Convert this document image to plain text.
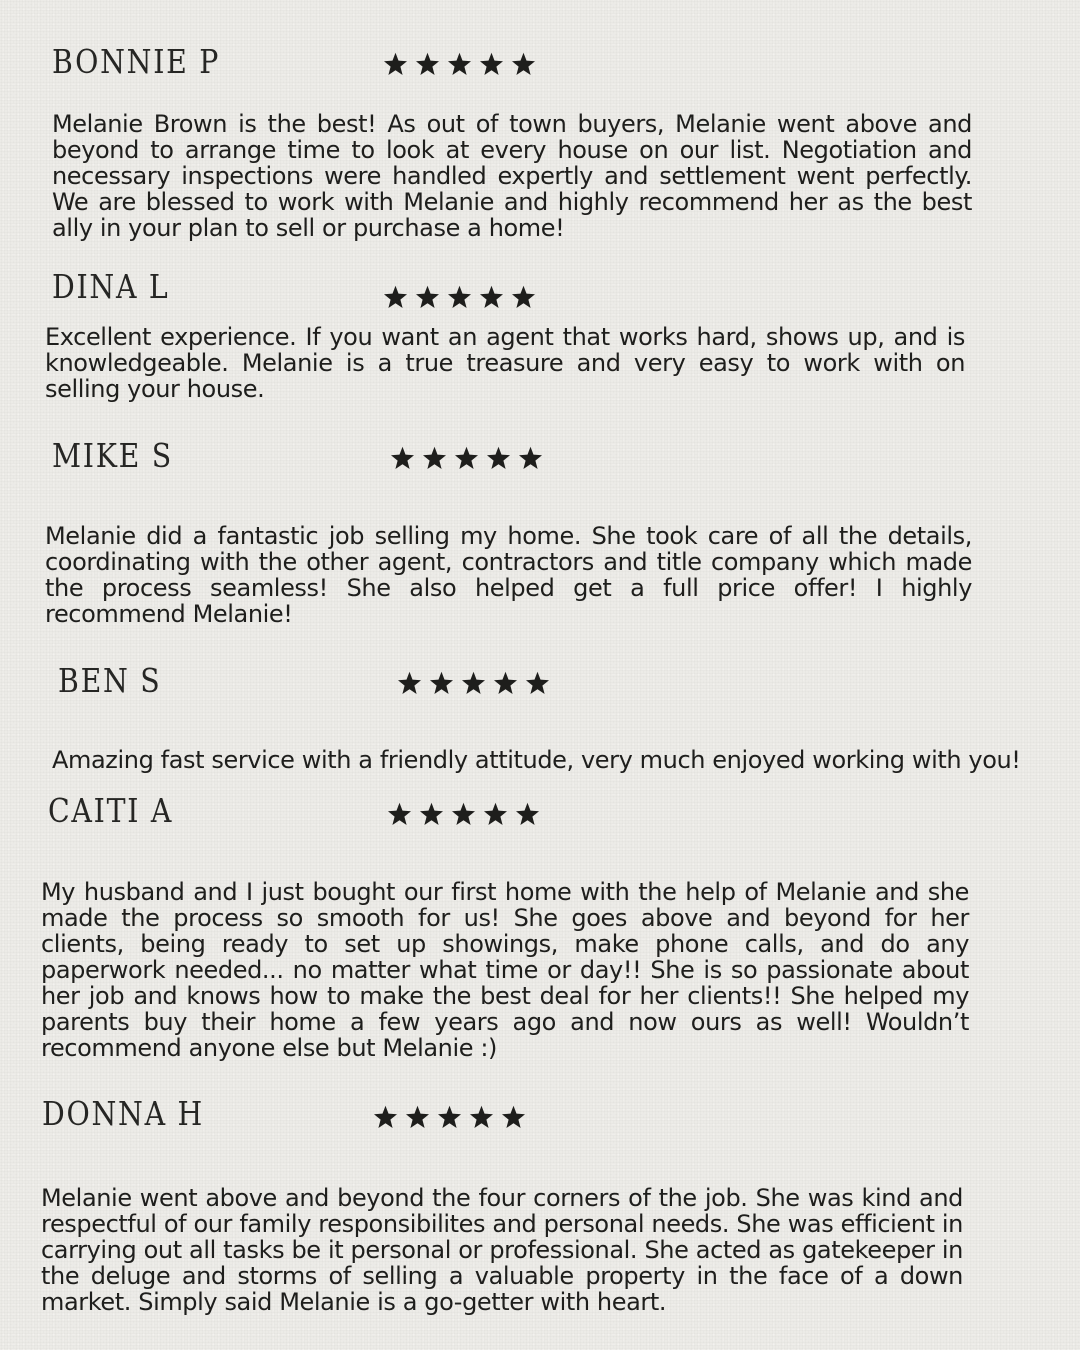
BONNIE P

Melanie Brown is the best! As out of town buyers, Melanie went above and beyond to arrange time to look at every house on our list. Negotiation and necessary inspections were handled expertly and settlement went perfectly. We are blessed to work with Melanie and highly recommend her as the best ally in your plan to sell or purchase a home!

DINA L

Excellent experience. If you want an agent that works hard, shows up, and is knowledgeable. Melanie is a true treasure and very easy to work with on selling your house.

MIKE S

Melanie did a fantastic job selling my home. She took care of all the details, coordinating with the other agent, contractors and title company which made the process seamless! She also helped get a full price offer! I highly recommend Melanie!

BEN S

Amazing fast service with a friendly attitude, very much enjoyed working with you!

CAITI A

My husband and I just bought our first home with the help of Melanie and she made the process so smooth for us! She goes above and beyond for her clients, being ready to set up showings, make phone calls, and do any paperwork needed... no matter what time or day!! She is so passionate about her job and knows how to make the best deal for her clients!! She helped my parents buy their home a few years ago and now ours as well! Wouldn’t recommend anyone else but Melanie :)

DONNA H

Melanie went above and beyond the four corners of the job. She was kind and respectful of our family responsibilites and personal needs. She was efficient in carrying out all tasks be it personal or professional. She acted as gatekeeper in the deluge and storms of selling a valuable property in the face of a down market. Simply said Melanie is a go-getter with heart.
